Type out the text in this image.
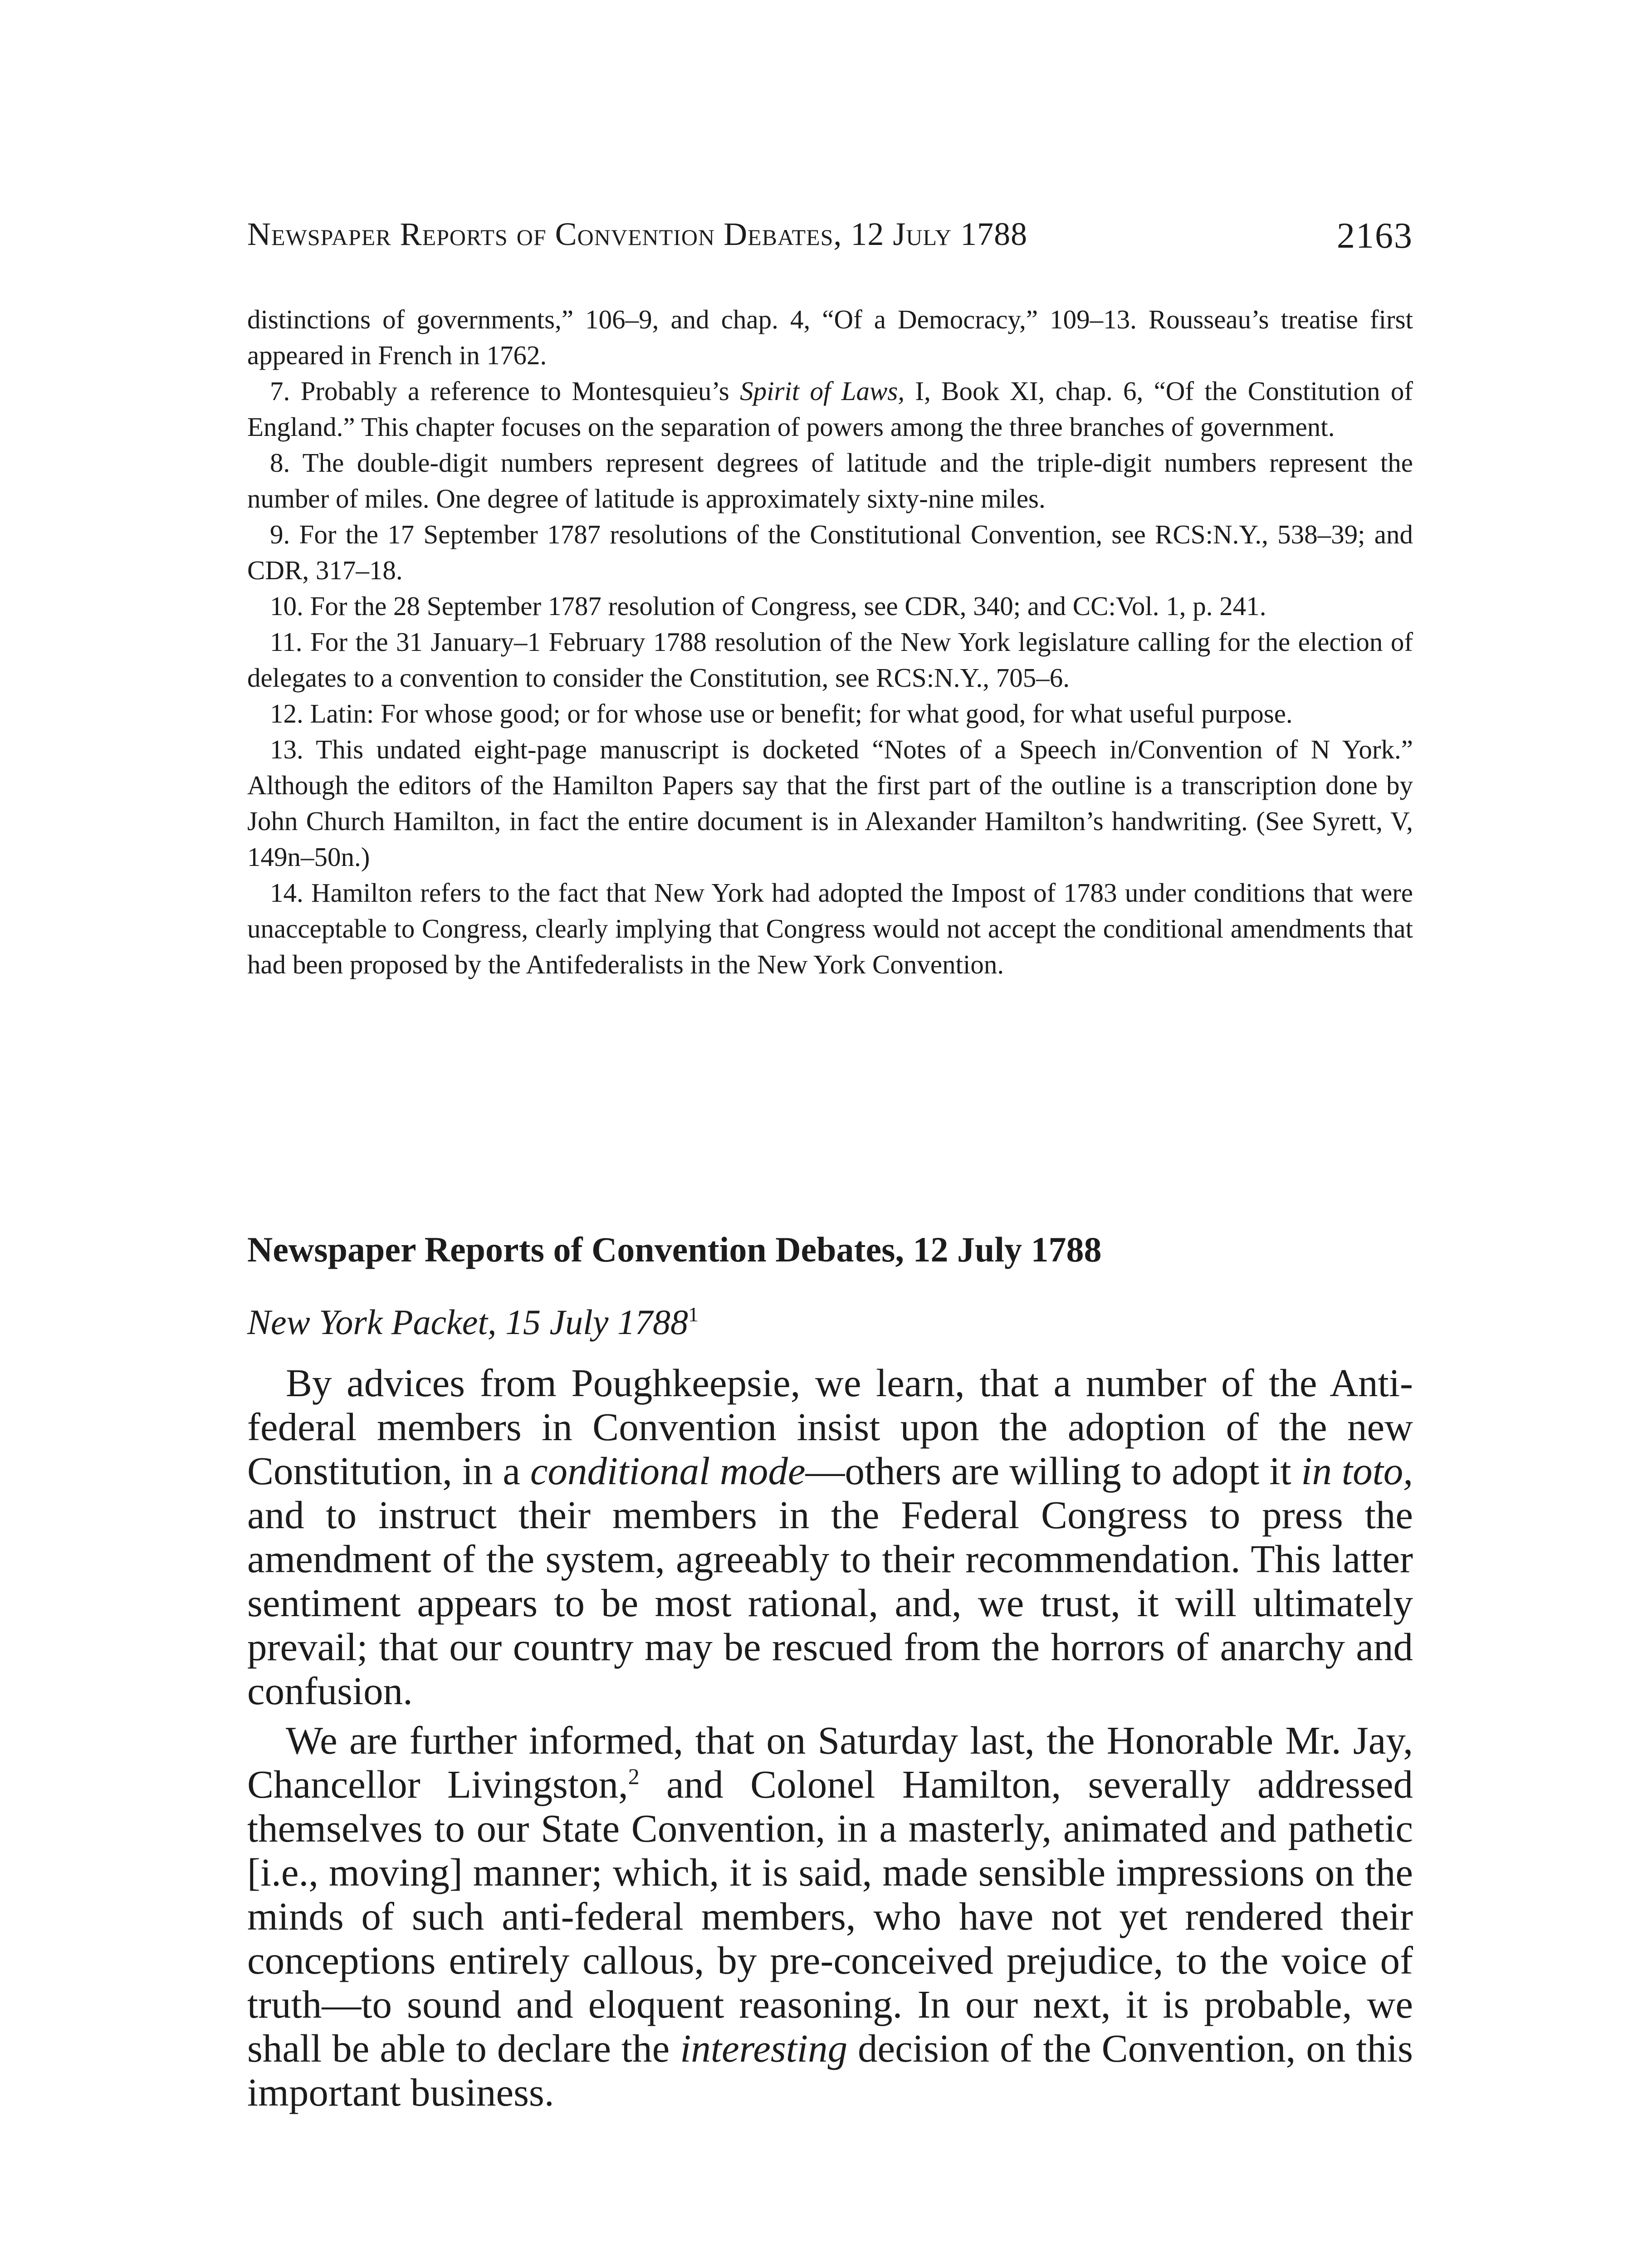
Newspaper Reports of Convention Debates, 12 July 1788	2163

distinctions of governments,” 106–9, and chap. 4, “Of a Democracy,” 109–13. Rousseau’s treatise first appeared in French in 1762.

7. Probably a reference to Montesquieu’s Spirit of Laws, I, Book XI, chap. 6, “Of the Constitution of England.” This chapter focuses on the separation of powers among the three branches of government.

8. The double-digit numbers represent degrees of latitude and the triple-digit numbers represent the number of miles. One degree of latitude is approximately sixty-nine miles.

9. For the 17 September 1787 resolutions of the Constitutional Convention, see RCS:N.Y., 538–39; and CDR, 317–18.

10. For the 28 September 1787 resolution of Congress, see CDR, 340; and CC:Vol. 1, p. 241.

11. For the 31 January–1 February 1788 resolution of the New York legislature calling for the election of delegates to a convention to consider the Constitution, see RCS:N.Y., 705–6.

12. Latin: For whose good; or for whose use or benefit; for what good, for what useful purpose.

13. This undated eight-page manuscript is docketed “Notes of a Speech in/Convention of N York.” Although the editors of the Hamilton Papers say that the first part of the outline is a transcription done by John Church Hamilton, in fact the entire document is in Alexander Hamilton’s handwriting. (See Syrett, V, 149n–50n.)

14. Hamilton refers to the fact that New York had adopted the Impost of 1783 under conditions that were unacceptable to Congress, clearly implying that Congress would not accept the conditional amendments that had been proposed by the Antifederalists in the New York Convention.

Newspaper Reports of Convention Debates, 12 July 1788
New York Packet, 15 July 1788$^1$

By advices from Poughkeepsie, we learn, that a number of the Anti-federal members in Convention insist upon the adoption of the new Constitution, in a conditional mode—others are willing to adopt it in toto, and to instruct their members in the Federal Congress to press the amendment of the system, agreeably to their recommendation. This latter sentiment appears to be most rational, and, we trust, it will ultimately prevail; that our country may be rescued from the horrors of anarchy and confusion.

We are further informed, that on Saturday last, the Honorable Mr. Jay, Chancellor Livingston,$^2$ and Colonel Hamilton, severally addressed themselves to our State Convention, in a masterly, animated and pathetic [i.e., moving] manner; which, it is said, made sensible impressions on the minds of such anti-federal members, who have not yet rendered their conceptions entirely callous, by pre-conceived prejudice, to the voice of truth—to sound and eloquent reasoning. In our next, it is probable, we shall be able to declare the interesting decision of the Convention, on this important business.
